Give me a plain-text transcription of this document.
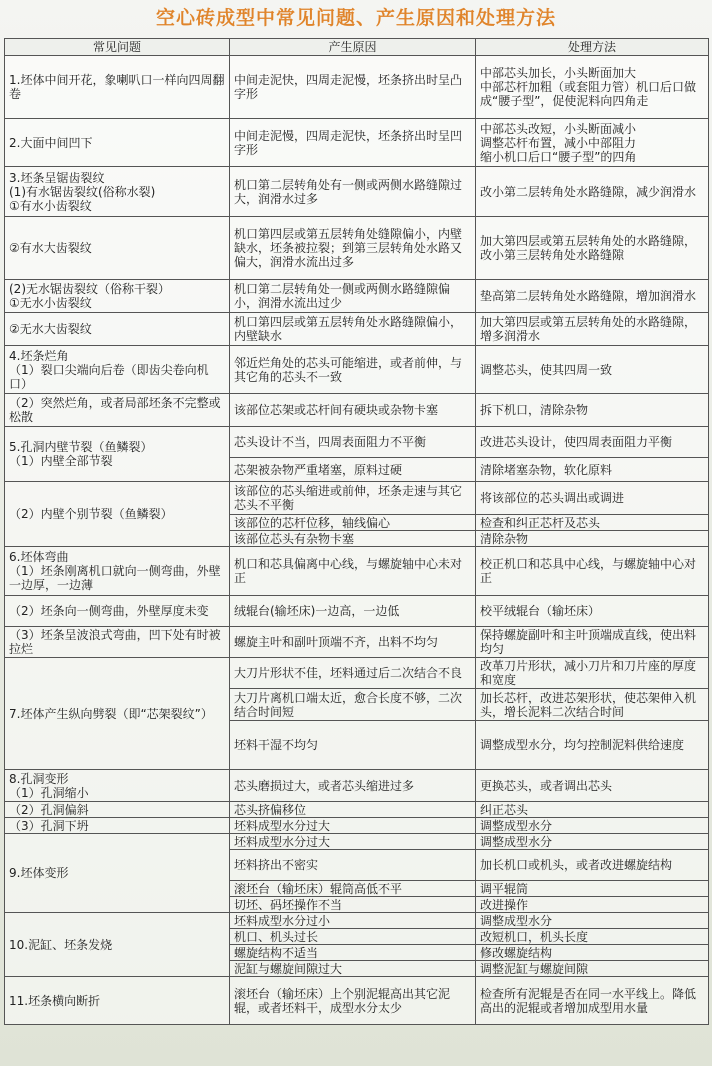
空心砖成型中常见问题、产生原因和处理方法
常见问题	产生原因	处理方法
1.坯体中间开花，象喇叭口一样向四周翻卷	中间走泥快，四周走泥慢，坯条挤出时呈凸字形	中部芯头加长，小头断面加大
中部芯杆加粗（或套阻力管）机口后口做成“腰子型”，促使泥料向四角走
2.大面中间凹下	中间走泥慢，四周走泥快，坯条挤出时呈凹字形	中部芯头改短，小头断面减小
调整芯杆布置，减小中部阻力
缩小机口后口“腰子型”的四角
3.坯条呈锯齿裂纹
(1)有水锯齿裂纹(俗称水裂)
①有水小齿裂纹	机口第二层转角处有一侧或两侧水路缝隙过大，润滑水过多	改小第二层转角处水路缝隙，减少润滑水
②有水大齿裂纹	机口第四层或第五层转角处缝隙偏小，内壁缺水，坯条被拉裂；到第三层转角处水路又偏大，润滑水流出过多	加大第四层或第五层转角处的水路缝隙，改小第三层转角处水路缝隙
(2)无水锯齿裂纹（俗称干裂）
①无水小齿裂纹	机口第二层转角处一侧或两侧水路缝隙偏小，润滑水流出过少	垫高第二层转角处水路缝隙，增加润滑水
②无水大齿裂纹	机口第四层或第五层转角处水路缝隙偏小，内壁缺水	加大第四层或第五层转角处的水路缝隙，增多润滑水
4.坯条烂角
（1）裂口尖端向后卷（即齿尖卷向机口）	邻近烂角处的芯头可能缩进，或者前伸，与其它角的芯头不一致	调整芯头，使其四周一致
（2）突然烂角，或者局部坯条不完整或松散	该部位芯架或芯杆间有硬块或杂物卡塞	拆下机口，清除杂物
5.孔洞内壁节裂（鱼鳞裂）
（1）内壁全部节裂	芯头设计不当，四周表面阻力不平衡	改进芯头设计，使四周表面阻力平衡
	芯架被杂物严重堵塞，原料过硬	清除堵塞杂物，软化原料
（2）内壁个别节裂（鱼鳞裂）	该部位的芯头缩进或前伸，坯条走速与其它芯头不平衡	将该部位的芯头调出或调进
	该部位的芯杆位移，轴线偏心	检查和纠正芯杆及芯头
	该部位芯头有杂物卡塞	清除杂物
6.坯体弯曲
（1）坯条刚离机口就向一侧弯曲，外壁一边厚，一边薄	机口和芯具偏离中心线，与螺旋轴中心未对正	校正机口和芯具中心线，与螺旋轴中心对正
（2）坯条向一侧弯曲，外壁厚度未变	绒辊台(输坯床)一边高，一边低	校平绒辊台（输坯床）
（3）坯条呈波浪式弯曲，凹下处有时被拉烂	螺旋主叶和副叶顶端不齐，出料不均匀	保持螺旋副叶和主叶顶端成直线，使出料均匀
7.坯体产生纵向劈裂（即“芯架裂纹”）	大刀片形状不佳，坯料通过后二次结合不良	改革刀片形状，减小刀片和刀片座的厚度和宽度
	大刀片离机口端太近，愈合长度不够，二次结合时间短	加长芯杆，改进芯架形状，使芯架伸入机头，增长泥料二次结合时间
	坯料干湿不均匀	调整成型水分，均匀控制泥料供给速度
8.孔洞变形
（1）孔洞缩小	芯头磨损过大，或者芯头缩进过多	更换芯头，或者调出芯头
（2）孔洞偏斜	芯头挤偏移位	纠正芯头
（3）孔洞下坍	坯料成型水分过大	调整成型水分
9.坯体变形	坯料成型水分过大	调整成型水分
	坯料挤出不密实	加长机口或机头，或者改进螺旋结构
	滚坯台（输坯床）辊筒高低不平	调平辊筒
	切坯、码坯操作不当	改进操作
10.泥缸、坯条发烧	坯料成型水分过小	调整成型水分
	机口、机头过长	改短机口，机头长度
	螺旋结构不适当	修改螺旋结构
	泥缸与螺旋间隙过大	调整泥缸与螺旋间隙
11.坯条横向断折	滚坯台（输坯床）上个别泥辊高出其它泥辊，或者坯料干，成型水分太少	检查所有泥辊是否在同一水平线上。降低高出的泥辊或者增加成型用水量
